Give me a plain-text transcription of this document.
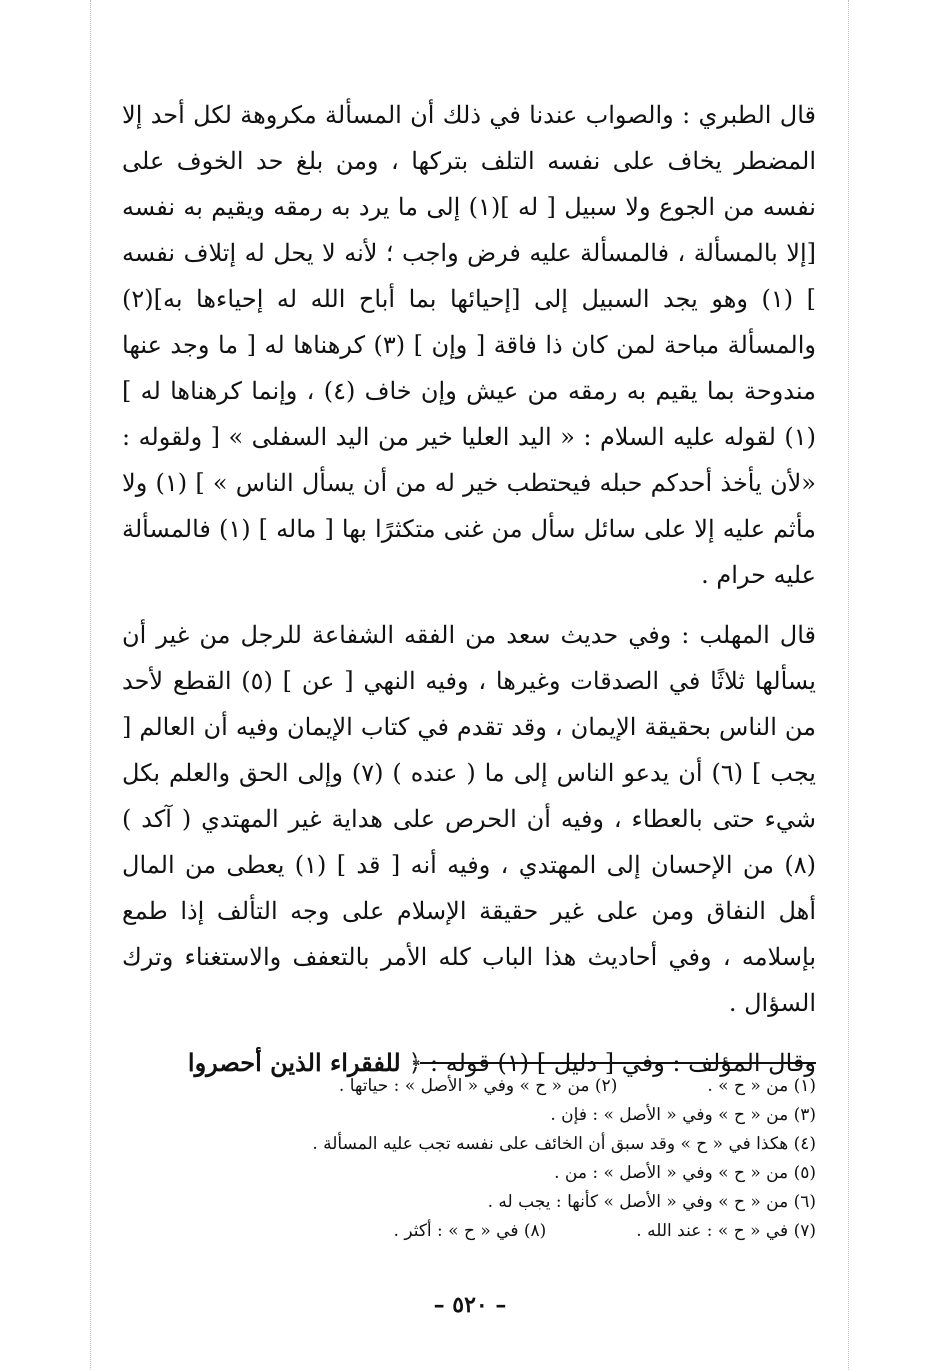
قال الطبري : والصواب عندنا في ذلك أن المسألة مكروهة لكل أحد إلا المضطر يخاف على نفسه التلف بتركها ، ومن بلغ حد الخوف على نفسه من الجوع ولا سبيل [ له ](١) إلى ما يرد به رمقه ويقيم به نفسه [إلا بالمسألة ، فالمسألة عليه فرض واجب ؛ لأنه لا يحل له إتلاف نفسه ] (١) وهو يجد السبيل إلى [إحيائها بما أباح الله له إحياءها به](٢) والمسألة مباحة لمن كان ذا فاقة [ وإن ] (٣) كرهناها له [ ما وجد عنها مندوحة بما يقيم به رمقه من عيش وإن خاف (٤) ، وإنما كرهناها له ](١) لقوله عليه السلام : « اليد العليا خير من اليد السفلى » [ ولقوله : «لأن يأخذ أحدكم حبله فيحتطب خير له من أن يسأل الناس » ] (١) ولا مأثم عليه إلا على سائل سأل من غنى متكثرًا بها [ ماله ] (١) فالمسألة عليه حرام .

قال المهلب : وفي حديث سعد من الفقه الشفاعة للرجل من غير أن يسألها ثلاثًا في الصدقات وغيرها ، وفيه النهي [ عن ] (٥) القطع لأحد من الناس بحقيقة الإيمان ، وقد تقدم في كتاب الإيمان وفيه أن العالم [ يجب ] (٦) أن يدعو الناس إلى ما ( عنده ) (٧) وإلى الحق والعلم بكل شيء حتى بالعطاء ، وفيه أن الحرص على هداية غير المهتدي ( آكد ) (٨) من الإحسان إلى المهتدي ، وفيه أنه [ قد ] (١) يعطى من المال أهل النفاق ومن على غير حقيقة الإسلام على وجه التألف إذا طمع بإسلامه ، وفي أحاديث هذا الباب كله الأمر بالتعفف والاستغناء وترك السؤال .

وقال المؤلف : وفي [ دليل ] (١) قوله : ﴿ للفقراء الذين أحصروا

(١) من « ح » .
(٢) من « ح » وفي « الأصل » : حياتها .
(٣) من « ح » وفي « الأصل » : فإن .
(٤) هكذا في « ح » وقد سبق أن الخائف على نفسه تجب عليه المسألة .
(٥) من « ح » وفي « الأصل » : من .
(٦) من « ح » وفي « الأصل » كأنها : يجب له .
(٧) في « ح » : عند الله .
(٨) في « ح » : أكثر .
– ٥٢٠ –
